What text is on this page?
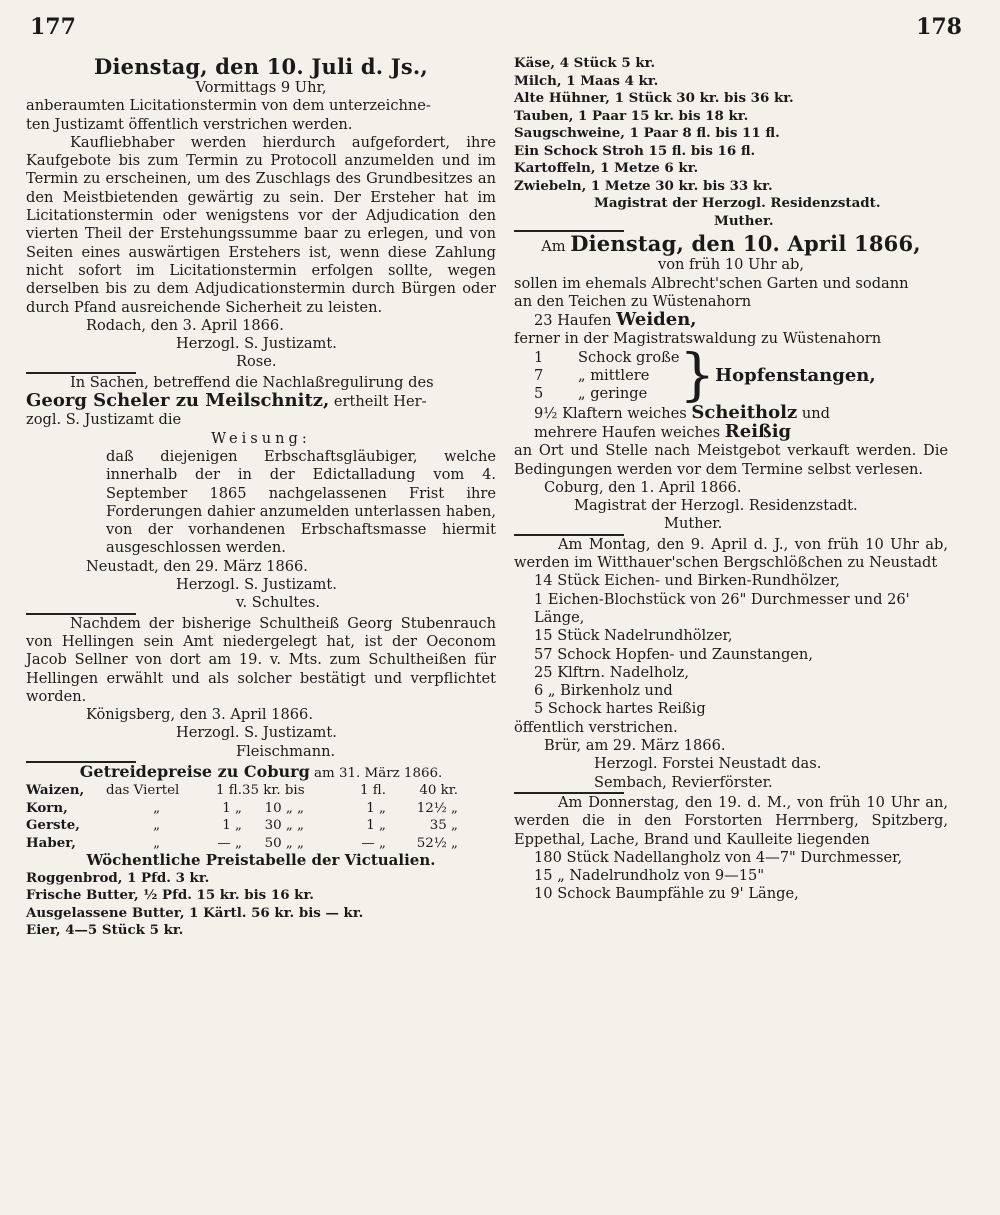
177	178
Dienstag, den 10. Juli d. Js.,
Vormittags 9 Uhr,
anberaumten Licitationstermin von dem unterzeichne-
ten Justizamt öffentlich verstrichen werden.

Kaufliebhaber werden hierdurch aufgefordert, ihre Kaufgebote bis zum Termin zu Protocoll anzumelden und im Termin zu erscheinen, um des Zuschlags des Grundbesitzes an den Meistbietenden gewärtig zu sein. Der Ersteher hat im Licitationstermin oder wenigstens vor der Adjudication den vierten Theil der Erstehungssumme baar zu erlegen, und von Seiten eines auswärtigen Erstehers ist, wenn diese Zahlung nicht sofort im Licitationstermin erfolgen sollte, wegen derselben bis zu dem Adjudicationstermin durch Bürgen oder durch Pfand ausreichende Sicherheit zu leisten.

Rodach, den 3. April 1866.
Herzogl. S. Justizamt.
Rose.
In Sachen, betreffend die Nachlaßregulirung des
Georg Scheler zu Meilschnitz, ertheilt Her-
zogl. S. Justizamt die
Weisung:

daß diejenigen Erbschaftsgläubiger, welche innerhalb der in der Edictalladung vom 4. September 1865 nachgelassenen Frist ihre Forderungen dahier anzumelden unterlassen haben, von der vorhandenen Erbschaftsmasse hiermit ausgeschlossen werden.

Neustadt, den 29. März 1866.
Herzogl. S. Justizamt.
v. Schultes.

Nachdem der bisherige Schultheiß Georg Stubenrauch von Hellingen sein Amt niedergelegt hat, ist der Oeconom Jacob Sellner von dort am 19. v. Mts. zum Schultheißen für Hellingen erwählt und als solcher bestätigt und verpflichtet worden.

Königsberg, den 3. April 1866.
Herzogl. S. Justizamt.
Fleischmann.
Getreidepreise zu Coburg am 31. März 1866.
Waizen,	das Viertel	1 fl. 35 kr. bis	1 fl.	40 kr.
Korn,	„	1 „	10 „ „	1 „	12½ „
Gerste,	„	1 „	30 „ „	1 „	35 „
Haber,	„	— „	50 „ „	— „	52½ „
Wöchentliche Preistabelle der Victualien.
Roggenbrod, 1 Pfd. 3 kr.
Frische Butter, ½ Pfd. 15 kr. bis 16 kr.
Ausgelassene Butter, 1 Kärtl. 56 kr. bis — kr.
Eier, 4—5 Stück 5 kr.
Käse, 4 Stück 5 kr.
Milch, 1 Maas 4 kr.
Alte Hühner, 1 Stück 30 kr. bis 36 kr.
Tauben, 1 Paar 15 kr. bis 18 kr.
Saugschweine, 1 Paar 8 fl. bis 11 fl.
Ein Schock Stroh 15 fl. bis 16 fl.
Kartoffeln, 1 Metze 6 kr.
Zwiebeln, 1 Metze 30 kr. bis 33 kr.
Magistrat der Herzogl. Residenzstadt.
Muther.
Am Dienstag, den 10. April 1866,
von früh 10 Uhr ab,
sollen im ehemals Albrecht'schen Garten und sodann
an den Teichen zu Wüstenahorn
23 Haufen Weiden,
ferner in der Magistratswaldung zu Wüstenahorn
1	Schock große
7	„ mittlere
5	„ geringe } Hopfenstangen,
9½ Klaftern weiches Scheitholz und
mehrere Haufen weiches Reißig

an Ort und Stelle nach Meistgebot verkauft werden. Die Bedingungen werden vor dem Termine selbst verlesen.

Coburg, den 1. April 1866.
Magistrat der Herzogl. Residenzstadt.
Muther.

Am Montag, den 9. April d. J., von früh 10 Uhr ab, werden im Witthauer'schen Bergschlößchen zu Neustadt

14 Stück Eichen- und Birken-Rundhölzer,
1 Eichen-Blochstück von 26" Durchmesser und 26' Länge,
15 Stück Nadelrundhölzer,
57 Schock Hopfen- und Zaunstangen,
25 Klftrn. Nadelholz,
6 „ Birkenholz und
5 Schock hartes Reißig
öffentlich verstrichen.
Brür, am 29. März 1866.
Herzogl. Forstei Neustadt das.
Sembach, Revierförster.

Am Donnerstag, den 19. d. M., von früh 10 Uhr an, werden die in den Forstorten Herrnberg, Spitzberg, Eppethal, Lache, Brand und Kaulleite liegenden

180 Stück Nadellangholz von 4—7" Durchmesser,
15 „ Nadelrundholz von 9—15"
10 Schock Baumpfähle zu 9' Länge,
